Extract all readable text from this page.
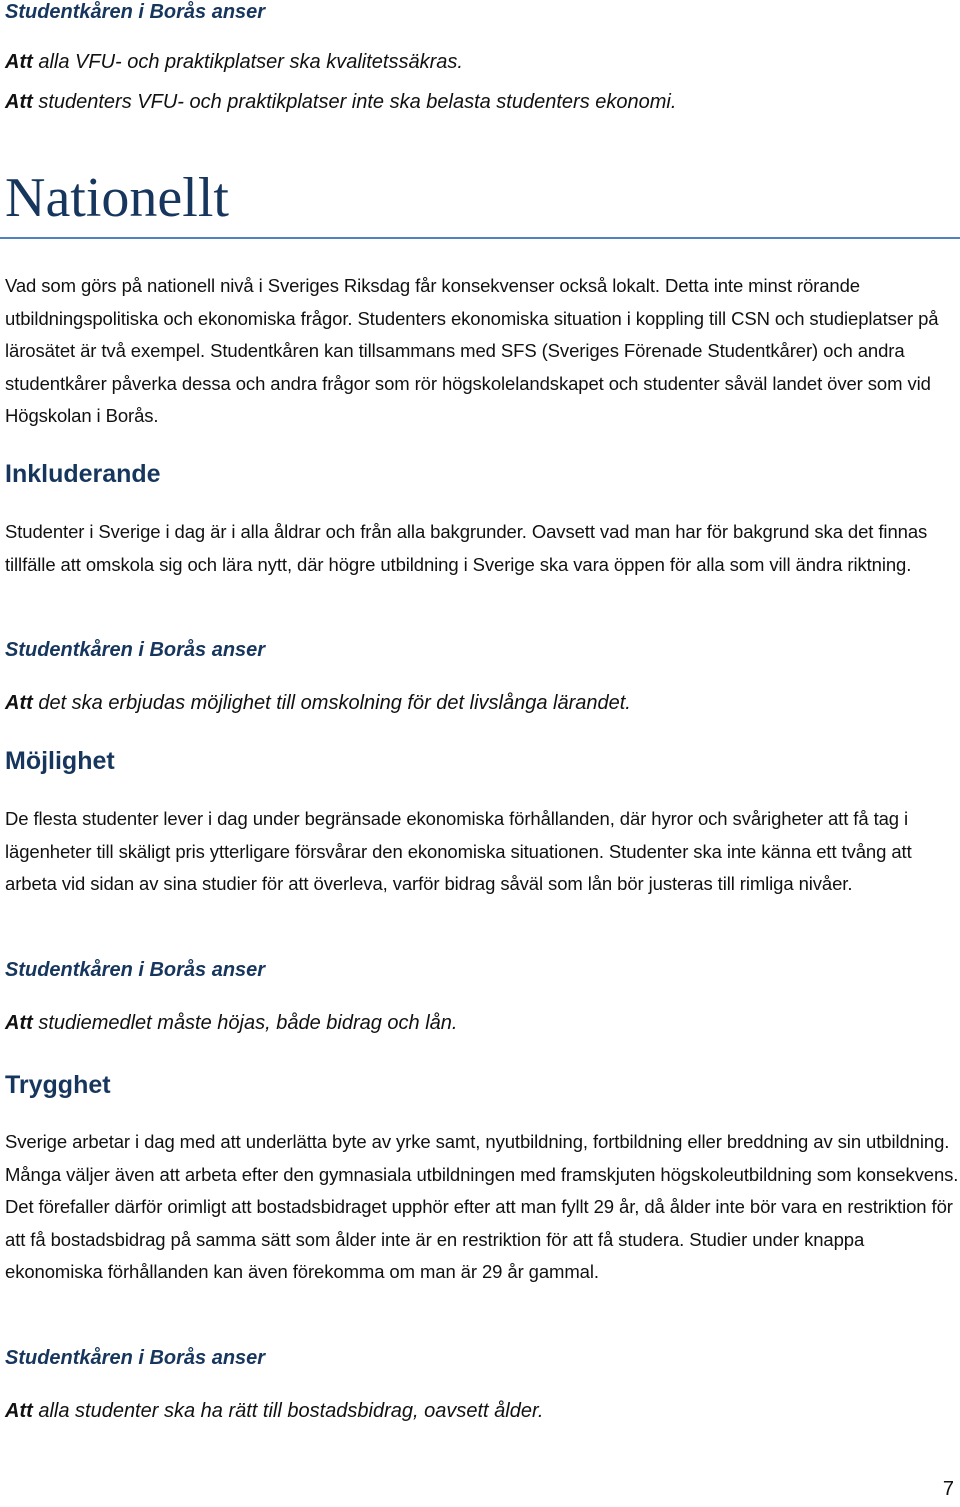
Studentkåren i Borås anser

Att alla VFU- och praktikplatser ska kvalitetssäkras.

Att studenters VFU- och praktikplatser inte ska belasta studenters ekonomi.

Nationellt

Vad som görs på nationell nivå i Sveriges Riksdag får konsekvenser också lokalt. Detta inte minst rörande utbildningspolitiska och ekonomiska frågor. Studenters ekonomiska situation i koppling till CSN och studieplatser på lärosätet är två exempel. Studentkåren kan tillsammans med SFS (Sveriges Förenade Studentkårer) och andra studentkårer påverka dessa och andra frågor som rör högskolelandskapet och studenter såväl landet över som vid Högskolan i Borås.

Inkluderande

Studenter i Sverige i dag är i alla åldrar och från alla bakgrunder. Oavsett vad man har för bakgrund ska det finnas tillfälle att omskola sig och lära nytt, där högre utbildning i Sverige ska vara öppen för alla som vill ändra riktning.

Studentkåren i Borås anser

Att det ska erbjudas möjlighet till omskolning för det livslånga lärandet.

Möjlighet

De flesta studenter lever i dag under begränsade ekonomiska förhållanden, där hyror och svårigheter att få tag i lägenheter till skäligt pris ytterligare försvårar den ekonomiska situationen. Studenter ska inte känna ett tvång att arbeta vid sidan av sina studier för att överleva, varför bidrag såväl som lån bör justeras till rimliga nivåer.

Studentkåren i Borås anser

Att studiemedlet måste höjas, både bidrag och lån.

Trygghet

Sverige arbetar i dag med att underlätta byte av yrke samt, nyutbildning, fortbildning eller breddning av sin utbildning. Många väljer även att arbeta efter den gymnasiala utbildningen med framskjuten högskoleutbildning som konsekvens. Det förefaller därför orimligt att bostadsbidraget upphör efter att man fyllt 29 år, då ålder inte bör vara en restriktion för att få bostadsbidrag på samma sätt som ålder inte är en restriktion för att få studera. Studier under knappa ekonomiska förhållanden kan även förekomma om man är 29 år gammal.

Studentkåren i Borås anser

Att alla studenter ska ha rätt till bostadsbidrag, oavsett ålder.

7
